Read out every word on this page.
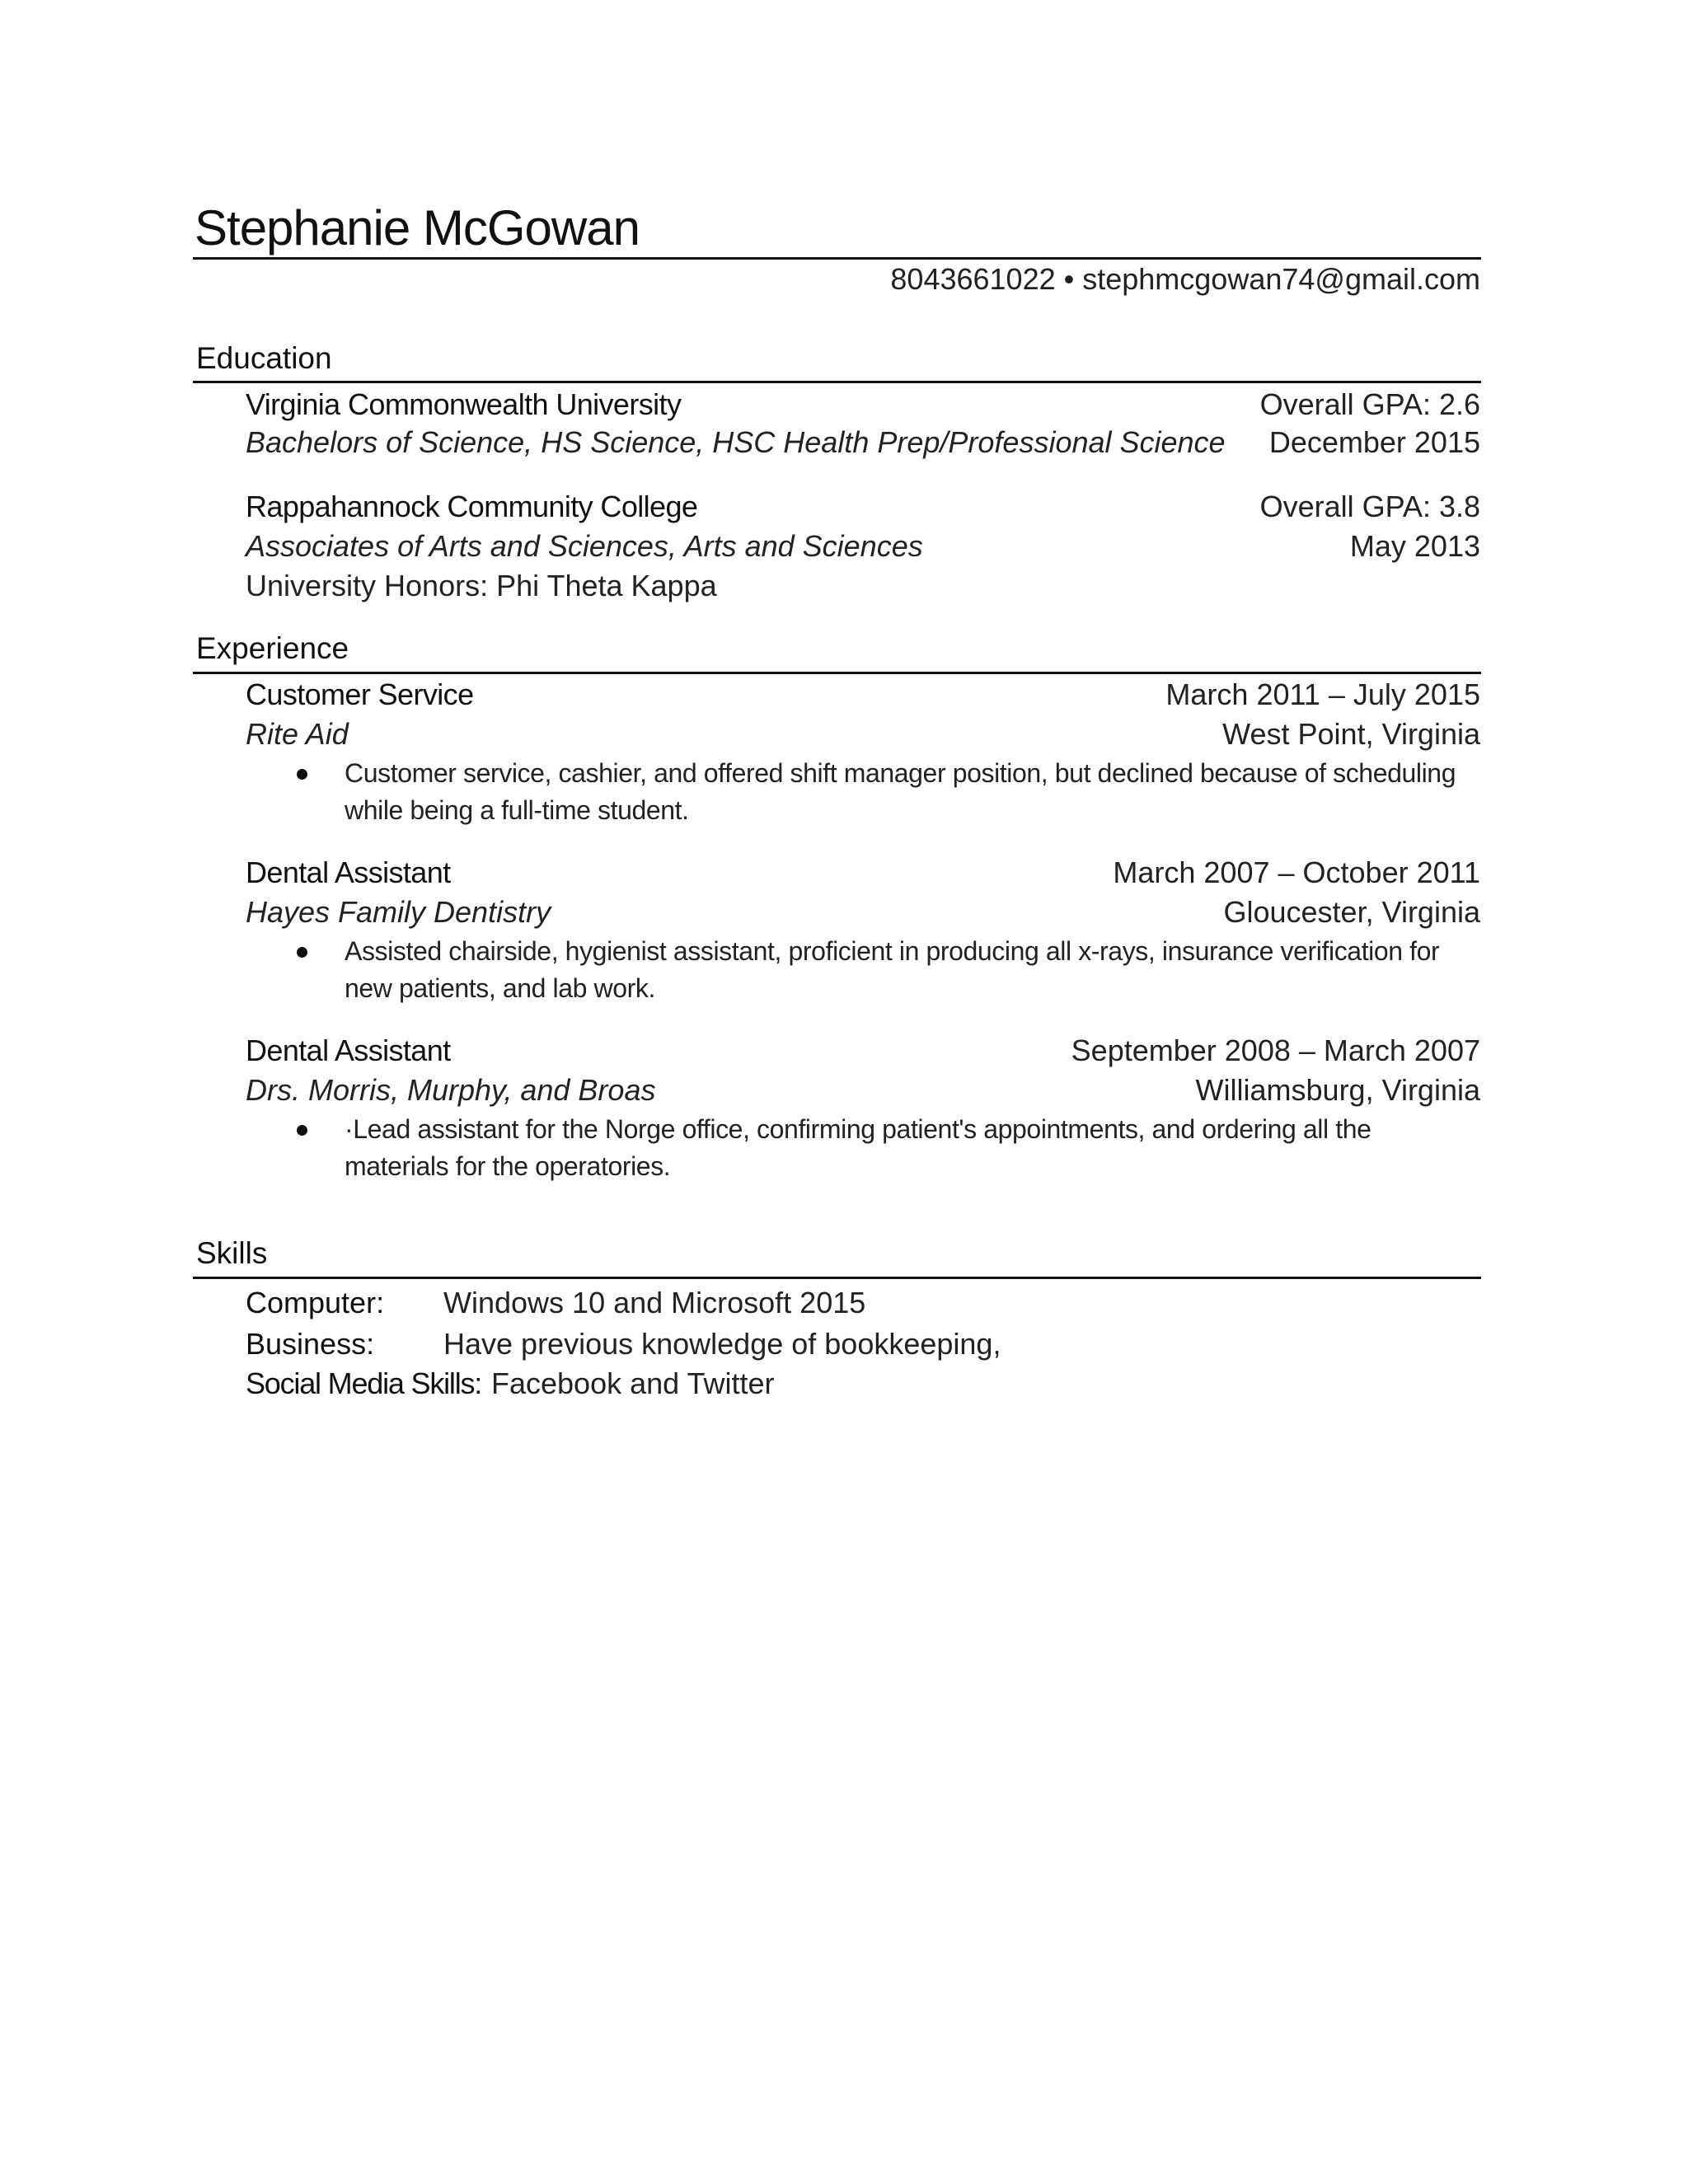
Stephanie McGowan
8043661022 • stephmcgowan74@gmail.com
Education
Virginia Commonwealth University	Overall GPA: 2.6
Bachelors of Science, HS Science, HSC Health Prep/Professional Science December 2015
Rappahannock Community College	Overall GPA: 3.8
Associates of Arts and Sciences, Arts and Sciences	May 2013
University Honors: Phi Theta Kappa
Experience
Customer Service	March 2011 – July 2015
Rite Aid	West Point, Virginia
Customer service, cashier, and offered shift manager position, but declined because of scheduling while being a full-time student.
Dental Assistant	March 2007 – October 2011
Hayes Family Dentistry	Gloucester, Virginia
Assisted chairside, hygienist assistant, proficient in producing all x-rays, insurance verification for new patients, and lab work.
Dental Assistant	September 2008 – March 2007
Drs. Morris, Murphy, and Broas	Williamsburg, Virginia
·Lead assistant for the Norge office, confirming patient's appointments, and ordering all the materials for the operatories.
Skills
Computer: Windows 10 and Microsoft 2015
Business: Have previous knowledge of bookkeeping,
Social Media Skills: Facebook and Twitter
